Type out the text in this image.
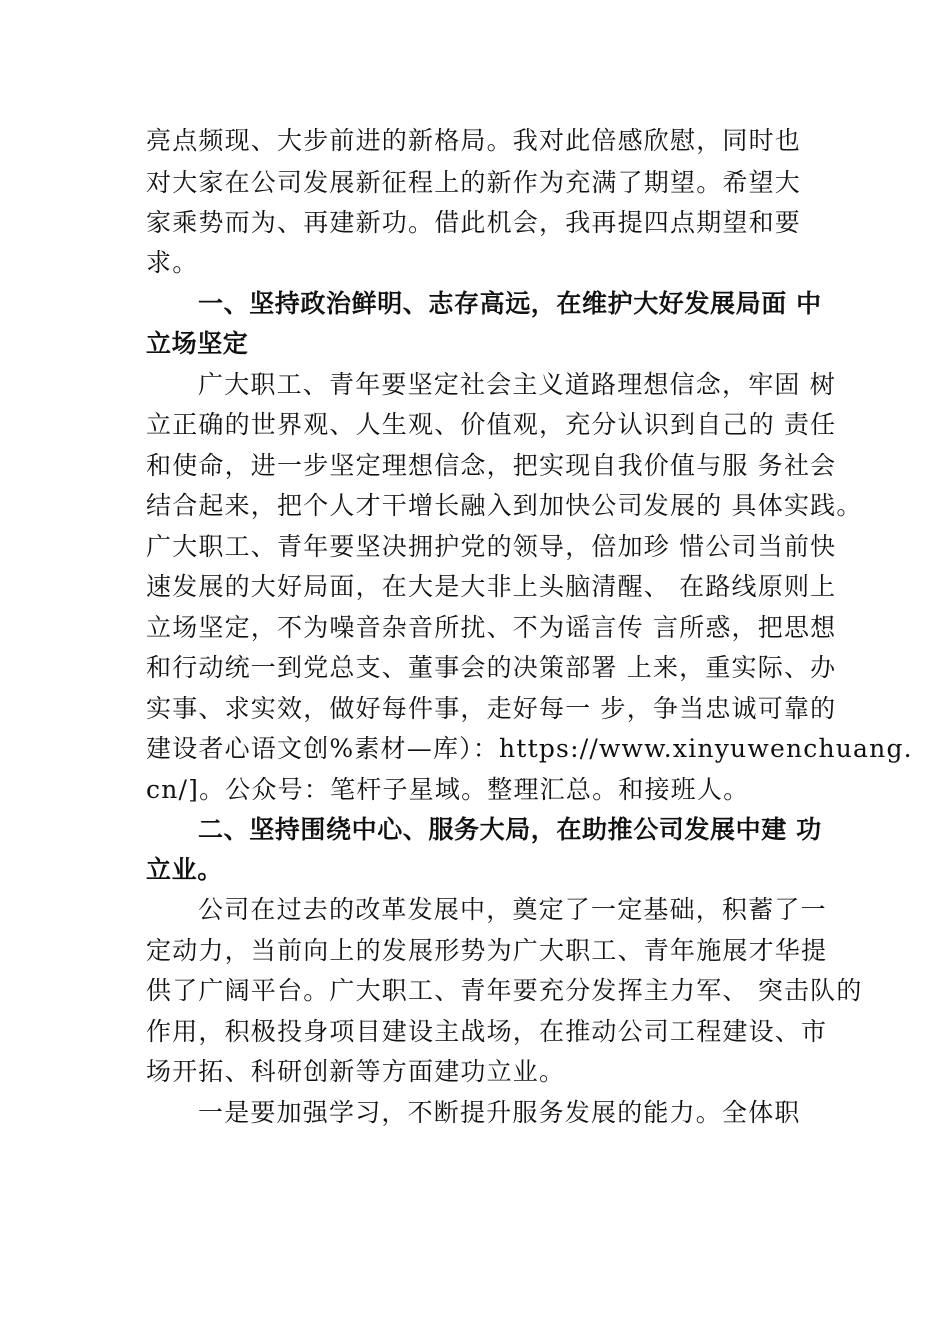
亮点频现、大步前进的新格局。我对此倍感欣慰，同时也
对大家在公司发展新征程上的新作为充满了期望。希望大
家乘势而为、再建新功。借此机会，我再提四点期望和要
求。
一、坚持政治鲜明、志存高远，在维护大好发展局面 中
立场坚定
广大职工、青年要坚定社会主义道路理想信念，牢固 树
立正确的世界观、人生观、价值观，充分认识到自己的 责任
和使命，进一步坚定理想信念，把实现自我价值与服 务社会
结合起来，把个人才干增长融入到加快公司发展的 具体实践。
广大职工、青年要坚决拥护党的领导，倍加珍 惜公司当前快
速发展的大好局面，在大是大非上头脑清醒、 在路线原则上
立场坚定，不为噪音杂音所扰、不为谣言传 言所惑，把思想
和行动统一到党总支、董事会的决策部署 上来，重实际、办
实事、求实效，做好每件事，走好每一 步，争当忠诚可靠的
建设者心语文创%素材—库）：https://www.xinyuwenchuang.
cn/]。公众号：笔杆子星域。整理汇总。和接班人。
二、坚持围绕中心、服务大局，在助推公司发展中建 功
立业。
公司在过去的改革发展中，奠定了一定基础，积蓄了一
定动力，当前向上的发展形势为广大职工、青年施展才华提
供了广阔平台。广大职工、青年要充分发挥主力军、 突击队的
作用，积极投身项目建设主战场，在推动公司工程建设、市
场开拓、科研创新等方面建功立业。
一是要加强学习，不断提升服务发展的能力。全体职
